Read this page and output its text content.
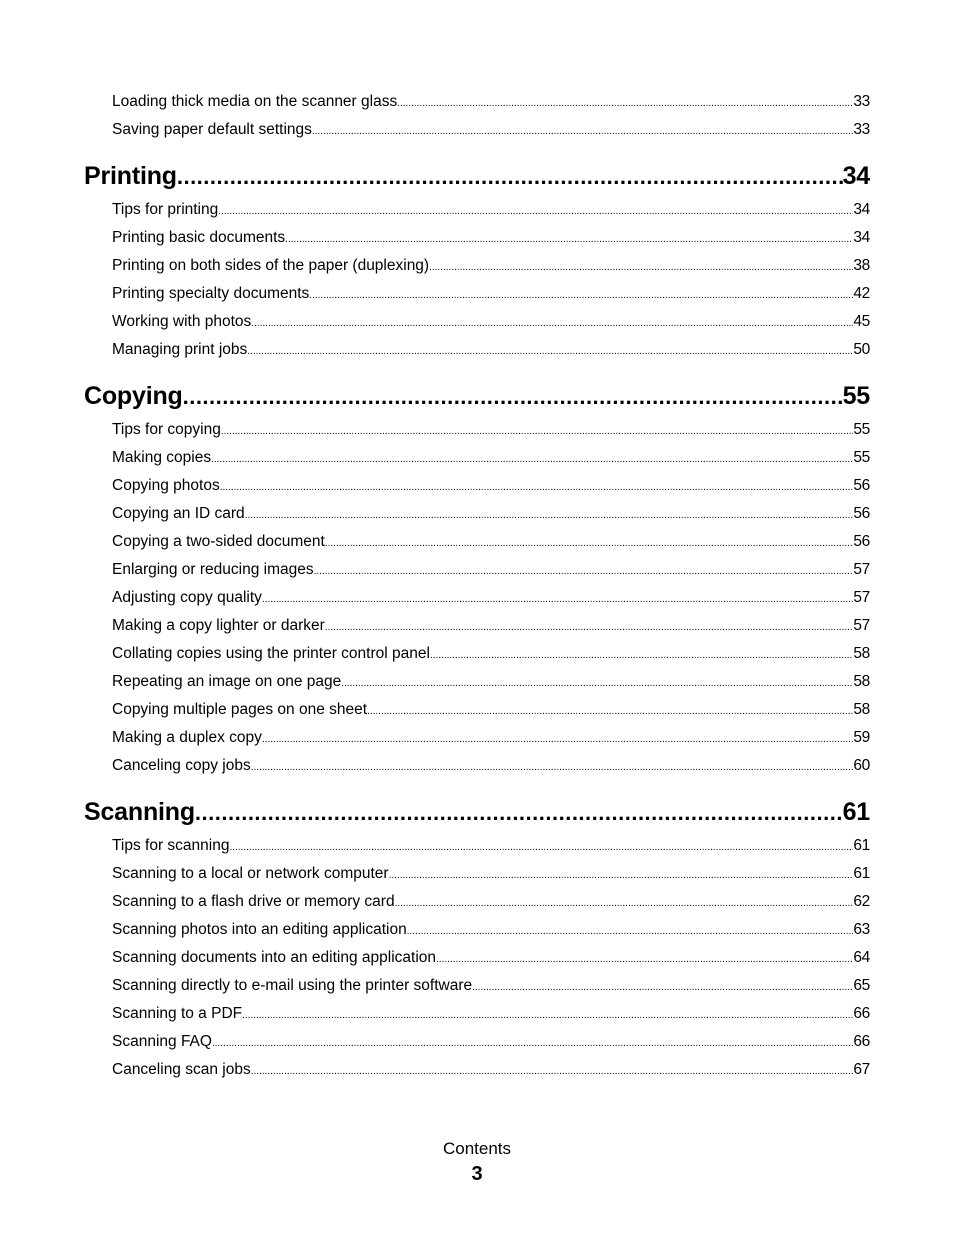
Loading thick media on the scanner glass .....	33
Saving paper default settings .....	33
Printing .....	34
Tips for printing .....	34
Printing basic documents .....	34
Printing on both sides of the paper (duplexing) .....	38
Printing specialty documents .....	42
Working with photos .....	45
Managing print jobs .....	50
Copying .....	55
Tips for copying .....	55
Making copies .....	55
Copying photos .....	56
Copying an ID card .....	56
Copying a two-sided document .....	56
Enlarging or reducing images .....	57
Adjusting copy quality .....	57
Making a copy lighter or darker .....	57
Collating copies using the printer control panel .....	58
Repeating an image on one page .....	58
Copying multiple pages on one sheet .....	58
Making a duplex copy .....	59
Canceling copy jobs .....	60
Scanning .....	61
Tips for scanning .....	61
Scanning to a local or network computer .....	61
Scanning to a flash drive or memory card .....	62
Scanning photos into an editing application .....	63
Scanning documents into an editing application .....	64
Scanning directly to e-mail using the printer software .....	65
Scanning to a PDF .....	66
Scanning FAQ .....	66
Canceling scan jobs .....	67
Contents
3
